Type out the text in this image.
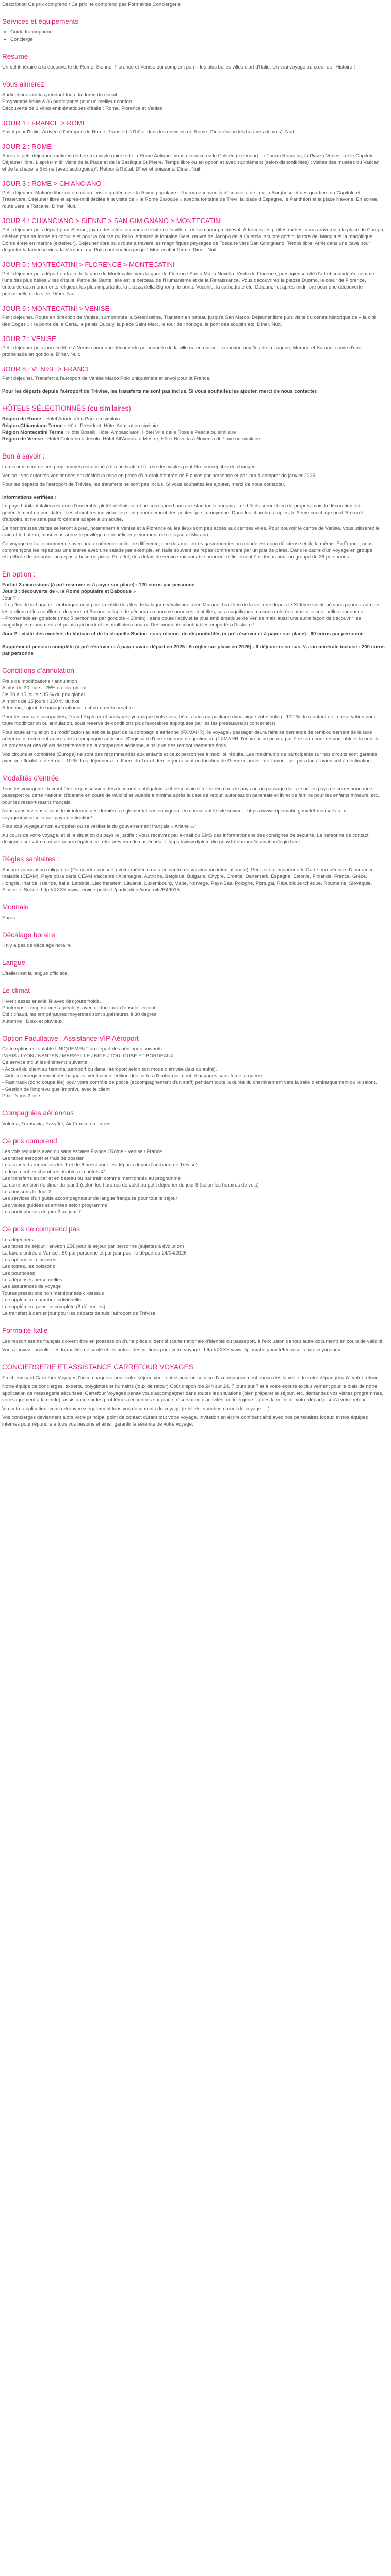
Description Ce prix comprend / Ce prix ne comprend pas Formalités Conciergerie

Services et équipements
• Guide francophone
• Concierge
Résumé

Un bel itinéraire à la découverte de Rome, Sienne, Florence et Venise qui complent parmi les plus belles villes d'art d'Italie. Un vrai voyage au cœur de l'Histoire !

Vous aimerez :

Audiophones inclus pendant toute la durée du circuit
Programme limité à 36 participants pour un meilleur confort
Découverte de 3 villes emblématiques d'Italie : Rome, Florence et Venise

JOUR 1 : FRANCE > ROME

Envol pour l'Italie. Arrivée à l'aéroport de Rome. Transfert à l'hôtel dans les environs de Rome. Dîner (selon les horaires de vols). Nuit.

JOUR 2 : ROME

Après le petit déjeuner, matinée dédiée à la visite guidée de la Rome Antique. Vous découvrirez le Colisée (extérieur), le Forum Romains, la Piazza Venezia et le Capitole. Déjeuner libre. L'après-midi, visite de la Place et de la Basilique St Pierre. Temps libre ou en option et avec supplément (selon disponibilités) : visites des musées du Vatican et de la chapelle Sixtine (avec audioguide)*. Retour à l'hôtel. Dîner et boissons. Dîner. Nuit.

JOUR 3 : ROME > CHIANCIANO

Petit déjeuner. Matinée libre ou en option : visite guidée de « la Rome populaire et baroque » avec la découverte de la villa Borghese et des quartiers du Capitole et Trastevere. Déjeuner libre et après-midi dédiée à la visite de « la Rome Baroque » avec la fontaine de Trevi, la place d'Espagne, le Panthéon et la place Navone. En soirée, route vers la Toscane. Dîner. Nuit.

JOUR 4 : CHIANCIANO > SIENNE > SAN GIMIGNANO > MONTECATINI

Petit déjeuner puis départ pour Sienne, joyau des cités toscanes et visite de la ville et de son bourg médiéval. À travers les petites ruelles, vous arriverez à la place du Campo, célèbre pour sa forme en coquille et pour la course du Palio. Admirez la fontaine Gaia, œuvre de Jacopo della Quercia, sculpté gothic, la tore del Mangia et la magnifique Dôme érété en marbre (extérieur). Déjeuner libre puis route à travers les magnifiques paysages de Toscane vers San Gimignano. Temps libre. Arrêt dans une cave pour déguster la fameuse vin « la Vernaccia ». Puis continuation jusqu'à Montecatini Terme. Dîner. Nuit.

JOUR 5 : MONTECATINI > FLORENCE > MONTECATINI

Petit déjeuner puis départ en train de la gare de Montecatini vers la gare de Florence Santa Maria Novella. Visite de Florence, prestigieuse cité d'art et considérée comme l'une des plus belles villes d'Italie. Patrie de Dante, elle est le berceau de l'Humanisme et de la Renaissance. Vous découvrirez la piazza Duomo, le cœur de Florence, entourée des monuments religieux les plus importants, la piazza della Signoria, le ponte Vecchio, la cathédrale etc. Déjeuner et après-midi libre pour une découverte personnelle de la ville. Dîner. Nuit.

JOUR 6 : MONTECATINI > VENISE

Petit déjeuner. Route en direction de Venise, surnommée la Sérénissime. Transfert en bateau jusqu'à San Marco. Déjeuner libre puis visite du centre historique de « la cité des Doges » : la ponte della Carta, le palais Ducaly, la place Saint Marc, le tour de l'horloge, le pont des soupirs etc. Dîner. Nuit.

JOUR 7 : VENISE

Petit déjeuner puis journée libre à Venise pour une découverte personnelle de la ville ou en option : excursion aux îles de la Lagune, Murano et Burano, suivie d'une promenade en gondole. Dîner. Nuit.

JOUR 8 : VENISE > FRANCE

Petit déjeuner. Transfert à l'aéroport de Venise Marco Polo uniquement et envol pour la France.

Pour les départs depuis l'aéroport de Trévise, les transferts ne sont pas inclus. Si vous souhaitez les ajouter, merci de nous contacter.

HÔTELS SÉLECTIONNÉS (ou similaires)

Région de Rome : Hôtel Ariadne/Ino Park ou similaire
Région Chianciano Terme : Hôtel Président, Hôtel Admiral ou similaire
Région Montecatini Terme : Hôtel Boselli, Hôtel Ambasciatori, Hôtel Villa delle Rose e Pescia ou similaire
Région de Venise : Hôtel Colombo à Jesolo, Hôtel All'Ancora à Mestre, Hôtel Novetta à Noventa di Piave ou similaire

Bon à savoir :

Le déroulement de ces programmes est donné à titre indicatif et l'ordre des visites peut être susceptible de changer.

Venise : vos autorités vénitiennes ont décidé la mise en place d'un droit d'entrée de 5 euros par personne et par jour à compter de janvier 2025.

Pour les départs de l'aéroport de Trévise, les transferts ne sont pas inclus. Si vous souhaitez les ajouter, merci de nous contacter.

Informations vérifiées :

Le pays habitant italien est donc l'ensemble plutôt vitelloisant et ne correspond pas aux standards français. Les hôtels seront bien de propres mais la décoration est généralement un peu datée. Les chambres individuelles sont généralement des petites que la moyenne. Dans les chambres triples, le 3ème couchage peut être un lit d'appoint, et ne sera pas forcément adapté à un adulte.

De nombreuses visites se feront à pied, notamment à Venise et à Florence où les lieux sont peu accès aux centres villes. Pour pouvoir le centre de Venise, vous utiliserez le train et le bateau, ainsi vous aurez le privilège de bénéficier pleinement de ce joyau et Murano.

Ce voyage en Italie commence avec une expérience culinaire différente, une des meilleures gastronomies au monde est donc délicieuse et de la même. En France, nous commençons les repas par une entrée avec une salade par exemple, en Italie souvent les repas commencent par un plat de pâtes. Dans le cadre d'un voyage en groupe, il est difficile de proposer un repas à base de pizza. En effet, des délais de service raisonnable pourront difficilement être tenus pour un groupe de 38 personnes.

En option :

Forfait 3 excursions (à pré-réserver et à payer sur place) : 120 euros par personne
Jour 3 : découverte de « la Rome populaire et Baboque »
Jour 7 :
- Les îles de la Lagune : embarquement pour la visite des îles de la lagune vénitienne avec Murano, haut lieu de la verrerie depuis le XIIIème siècle où vous pourrez admirer les ateliers et les souffleurs de verre, et Burano, village de pêcheurs renommé pour ses dentelles, ses magnifiques maisons colorées ainsi que ses ruelles sinueuses.
- Promenade en gondole (max 5 personnes par gondole – 30min) : sans doute l'activité la plus emblématique de Venise mais aussi une autre façon de découvrir les magnifiques monuments et palais qui bordent les multiples canaux. Des moments inoubliables emportés d'histoire !

Jour 2 : visite des musées du Vatican et de la chapelle Sixtine, sous réserve de disponibilités (à pré-réserver et à payer sur place) : 60 euros par personne

Supplément pension complète (à pré-réserver et à payer avant départ en 2025 : 6 régler sur place en 2026) : 6 déjeuners en sus, ½ eau minérale incluse : 200 euros par personne

Conditions d'annulation

Frais de modifications / annulation :
A plus de 30 jours : 25% du prix global
De 30 à 15 jours : 85 % du prix global
A moins de 15 jours : 100 % du fixe
Attention, l'ajout de bagage optionnel est non remboursable.

Pour les contrats occupables, Travel Explorer et package dynamique (vols secs, hôtels secs ou package dynamique vol + hôtel) : 100 % du montant de la réservation pour toute modification ou annulation, sous réserve de conditions plus favorables appliquées par les les prestataire(s) concerné(s).

Pour toute annulation ou modification ad est de la part de la compagnie aérienne (FXMAHR), le voyage / passager devra faire sa demande de remboursement de la taxe aérienne directement auprès de la compagnie aérienne. S'agissant d'une exigence de gestion de (FXMAHR, l'écuireur ne pourra par être tenu pour responsable si la non de ce process et des délais de traitement de la compagnie aérienne, ainsi que des remboursements émis.

Vos circuits et combinés (Europe) ne sont pas recommandés aux enfants et ceux personnes à mobilité réduite. Les maximums de participants sur nos circuits sont garantis avec une flexibilité de + ou – 10 %. Les déjeuners ou dîners du 1er et dernier jours sont en fonction de l'heure d'arrivée de l'avion : ont pris dans l'avion soit à destination.

Modalités d'entrée

Tous les voyageurs devront être en possession des documents obligatoires et nécessaires à l'entrée dans le pays ou au passage dans le ou les pays de correspondance - passeport ou carte National d'identité en cours de validité et valable a minima après la date de retour, autorisation parentale et livret de famille pour les enfants mineurs, etc., pour les ressortissants français.

Nous vous invitons à vous tenir informé des dernières réglementations en vigueur en consultant le site suivant : https://www.diplomatie.gouv.fr/fr/conseils-aux-voyageurs/conseils-par-pays-destination/

Pour tout voyageur non européen ou se vérifier le du gouvernement français « Ariane ».*

Au cours de votre voyage, et si la situation du pays le justifie : Vous recevrez par e-mail ou SMS des informations et des consignes de sécurité. La personne de contact désignée sur votre compte pourra également être prévenue le cas échéant. https://www.diplomatie.gouv.fr/fr/ariane/inscription/login.html

Règles sanitaires :

Aucune vaccination obligatoire (Demandez conseil à votre médecin ou à un centre de vaccination internationale). Pensez à demander à la Carte européenne d'assurance maladie (CEAM). Pays où la carte CEAM s'accepte : Allemagne, Autriche, Belgique, Bulgarie, Chypre, Croatie, Danemark, Espagne, Estonie, Finlande, France, Grèce, Hongrie, Irlande, Islande, Italie, Lettonie, Liechtenstein, Lituanie, Luxembourg, Malte, Norvège, Pays-Bas, Pologne, Portugal, République tchèque, Roumanie, Slovaquie, Slovénie, Suède. http://XXXX.www.service-public.fr/particuliers/vosdroits/R49015

Monnaie

Euros

Décalage horaire

Il n'y a pas de décalage horaire

Langue

L'italien est la langue officielle.

Le climat

Hiver : assez ensoleillé avec des jours froids.
Printemps : températures agréables avec un fort taux d'ensoleillement.
Été : chaud, les températures moyennes sont supérieures à 30 degrés
Automne : Doux et pluvieux.

Option Facultative : Assistance VIP Aéroport

Cette option est valable UNIQUEMENT au départ des aéroports suivants :
PARIS / LYON / NANTES / MARSEILLE / NICE / TOULOUSE ET BORDEAUX
Ce service inclut les éléments suivants :
- Accueil du client au terminal aéroport ou dans l'aéroport selon son mode d'arrivée (taxi ou autre).
- Aide à l'enregistrement des bagages, vérification, édition des cartes d'embarquement et bagages sans forcé la queue.
- Fast track (donc coupe file) pour votre contrôle de police (accompagnement d'un staff) pendant toute la durée du cheminement vers la salle d'embarquement ou le salon).
- Gestion de l'imprévu quel imprévu avec le client
Prix : Nous 2 pers

Compagnies aériennes

Volotea, Transavia, EasyJet, Air France ou autres...

Ce prix comprend

Les vols réguliers avec ou sans escales France / Rome - Venise / France.
Les taxes aéroport et frais de dossier
Les transferts regroupés les 1 et de 8 aussi pour les départs depuis l'aéroport de Trévise)
Le logement en chambres doubles en hôtels 4*
Les transferts en car et en bateau ou par train comme mentionnés au programme
La demi-pension (le dîner du jour 1 (selon les horaires de vols) au petit déjeuner du jour 8 (selon les horaires de vols)
Les boissons le Jour 2
Les services d'un guide accompagnateur de langue française pour tout le séjour
Les visites guidées et entrées selon programme
Les audiophones du jour 2 au jour 7.

Ce prix ne comprend pas

Les déjeuners
Les taxes de séjour : environ 25€ pour le séjour par personne (sujettes à évolution)
La taxe d'entrée à Venise : 5€ par personne et par jour pour le départ du 24/04/2026
Les options non incluses
Les extras, les boissons
Les pourboires
Les dépenses personnelles
Les assurances de voyage
Toutes prestations non mentionnées ci-dessus
Le supplément chambre individuelle
Le supplément pension complète (6 déjeuners).
Le transfert à derrier jour pour les départs depuis l'aéroport de Trévise

Formalité Italie

Les ressortissants français doivent être en possession d'une pièce d'identité (carte nationale d'identité ou passeport, à l'exclusion de tout autre document) en cours de validité.

Vous pouvez consulter les formalités de santé et les autres destinations pour votre voyage : http://XXXX.www.diplomatie.gouv.fr/fr/conseils-aux-voyageurs/

CONCIERGERIE ET ASSISTANCE CARREFOUR VOYAGES

En choisissant Carrefour Voyages l'accompagnera pour votre séjour, vous optez pour un service d'accompagnement conçu dès la veille de votre départ jusqu'à votre retour.

Notre équipe de concierges, experts, polyglottes et humains (joux de retour) Coût disponible 24h sur 24, 7 jours sur 7 et à votre écoute exclusivement pour le biais de notre application de messagerie sécurisée, Carrefour Voyages pense vous accompagner dans toutes les situations (bien préparer le séjour, etc. demandez vos visites programmes, votre agrément à la rendu), assistance sur les problèmes rencontrés sur place, réservation d'activités, conciergerie... ) dès la veille de votre départ jusqu'à votre retour.

Via votre application, vous retrouverez également tous vos documents de voyage (e-billets, voucher, carnet de voyage, ...).

Vos concierges deviennent alors votre principal point de contact durant tout votre voyage. Invitation en écrire confidentialité avec nos partenaires locaux et nos équipes internes pour répondre à tous vos besoins et ainsi, garantir la sérénité de votre voyage.
